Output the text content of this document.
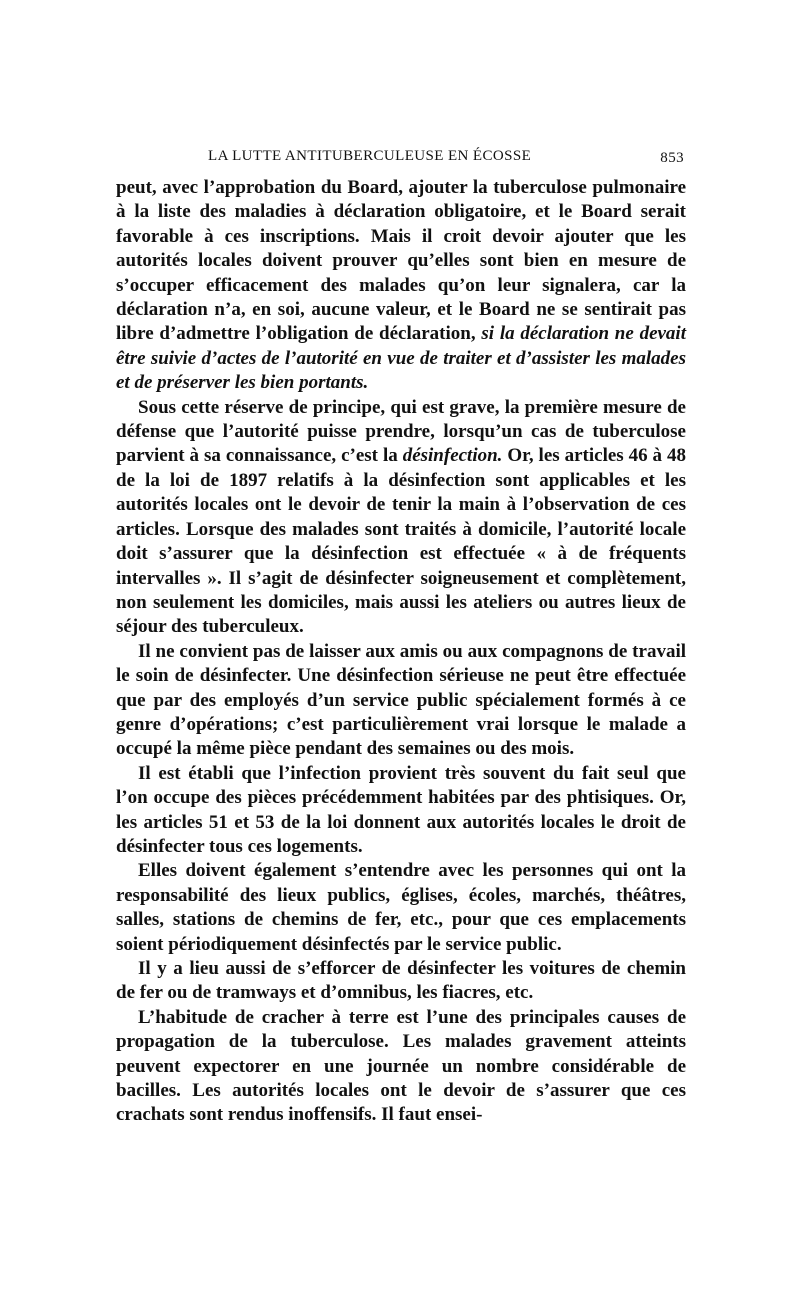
LA LUTTE ANTITUBERCULEUSE EN ÉCOSSE	853

peut, avec l’approbation du Board, ajouter la tuberculose pulmonaire à la liste des maladies à déclaration obligatoire, et le Board serait favorable à ces inscriptions. Mais il croit devoir ajouter que les autorités locales doivent prouver qu’elles sont bien en mesure de s’occuper efficacement des malades qu’on leur signalera, car la déclaration n’a, en soi, aucune valeur, et le Board ne se sentirait pas libre d’admettre l’obligation de déclaration, si la déclaration ne devait être suivie d’actes de l’autorité en vue de traiter et d’assister les malades et de préserver les bien portants.

Sous cette réserve de principe, qui est grave, la première mesure de défense que l’autorité puisse prendre, lorsqu’un cas de tuberculose parvient à sa connaissance, c’est la désinfection. Or, les articles 46 à 48 de la loi de 1897 relatifs à la désinfection sont applicables et les autorités locales ont le devoir de tenir la main à l’observation de ces articles. Lorsque des malades sont traités à domicile, l’autorité locale doit s’assurer que la désinfection est effectuée « à de fréquents intervalles ». Il s’agit de désinfecter soigneusement et complètement, non seulement les domiciles, mais aussi les ateliers ou autres lieux de séjour des tuberculeux.

Il ne convient pas de laisser aux amis ou aux compagnons de travail le soin de désinfecter. Une désinfection sérieuse ne peut être effectuée que par des employés d’un service public spécialement formés à ce genre d’opérations; c’est particulièrement vrai lorsque le malade a occupé la même pièce pendant des semaines ou des mois.

Il est établi que l’infection provient très souvent du fait seul que l’on occupe des pièces précédemment habitées par des phtisiques. Or, les articles 51 et 53 de la loi donnent aux autorités locales le droit de désinfecter tous ces logements.

Elles doivent également s’entendre avec les personnes qui ont la responsabilité des lieux publics, églises, écoles, marchés, théâtres, salles, stations de chemins de fer, etc., pour que ces emplacements soient périodiquement désinfectés par le service public.

Il y a lieu aussi de s’efforcer de désinfecter les voitures de chemin de fer ou de tramways et d’omnibus, les fiacres, etc.

L’habitude de cracher à terre est l’une des principales causes de propagation de la tuberculose. Les malades gravement atteints peuvent expectorer en une journée un nombre considérable de bacilles. Les autorités locales ont le devoir de s’assurer que ces crachats sont rendus inoffensifs. Il faut ensei-
